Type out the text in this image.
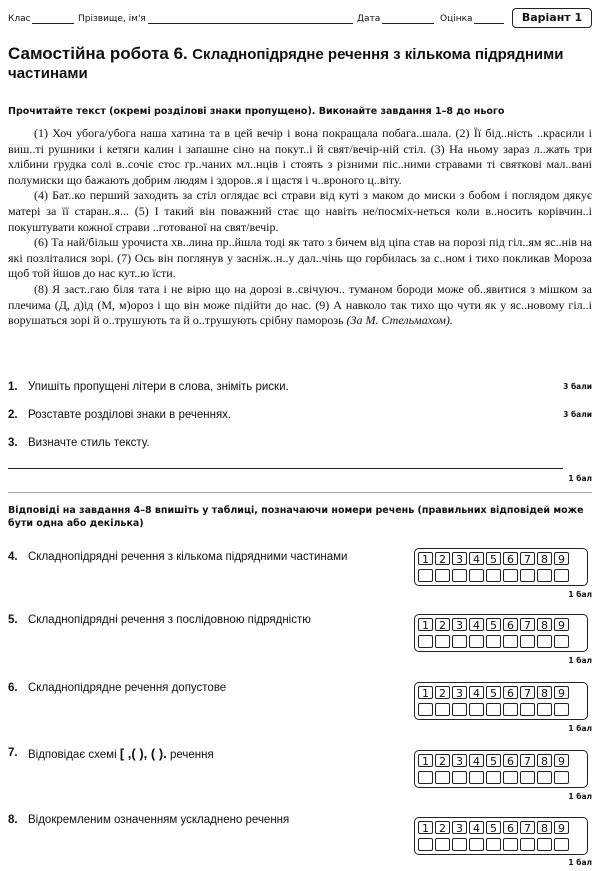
Клас	Прізвище, ім'я	Дата	Оцінка	Варіант 1
Самостійна робота 6. Складнопідрядне речення з кількома підрядними частинами
Прочитайте текст (окремі розділові знаки пропущено). Виконайте завдання 1–8 до нього

(1) Хоч убога/убога наша хатина та в цей вечір і вона покращала побага..шала. (2) Її бід..ність ..красили і виш..ті рушники і кетяги калин і запашне сіно на покут..і й свят/вечір-ній стіл. (3) На ньому зараз л..жать три хлібини грудка солі в..сочіє стос гр..чаних мл..нців і стоять з різними піс..ними стравами ті святкові мал..вані полумиски що бажають добрим людям і здоров..я і щастя і ч..вроного ц..віту.

(4) Бат..ко перший заходить за стіл оглядає всі страви від куті з маком до миски з бобом і поглядом дякує матері за її старан..я... (5) І такий він поважний стає що навіть не/посміх-неться коли в..носить корівчин..і покуштувати кожної страви ..готованої на свят/вечір.

(6) Та най/більш урочиста хв..лина пр..йшла тоді як тато з бичем від ціпа став на порозі під гіл..ям яс..нів на які позліталися зорі. (7) Ось він поглянув у засніж..н..у дал..чінь що горбилась за с..ном і тихо покликав Мороза щоб той йшов до нас кут..ю їсти.

(8) Я заст..гаю біля тата і не вірю що на дорозі в..свічуюч.. туманом бороди може об..явитися з мішком за плечима (Д, д)ід (М, м)ороз і що він може підійти до нас. (9) А навколо так тихо що чути як у яс..новому гіл..і ворушаться зорі й о..трушують та й о..трушують срібну паморозь (За М. Стельмахом).

1. Упишіть пропущені літери в слова, зніміть риски.	3 бали
2. Розставте розділові знаки в реченнях.	3 бали
3. Визначте стиль тексту.
1 бал
Відповіді на завдання 4–8 впишіть у таблиці, позначаючи номери речень (правильних відповідей може бути одна або декілька)
4. Складнопідрядні речення з кількома підрядними частинами	1 2 3 4 5 6 7 8 9
1 бал
5. Складнопідрядні речення з послідовною підрядністю	1 2 3 4 5 6 7 8 9
1 бал
6. Складнопідрядне речення допустове	1 2 3 4 5 6 7 8 9
1 бал
7. Відповідає схемі [ ,( ), ( ). речення	1 2 3 4 5 6 7 8 9
1 бал
8. Відокремленим означенням ускладнено речення
1 2 3 4 5 6 7 8 9
1 бал
